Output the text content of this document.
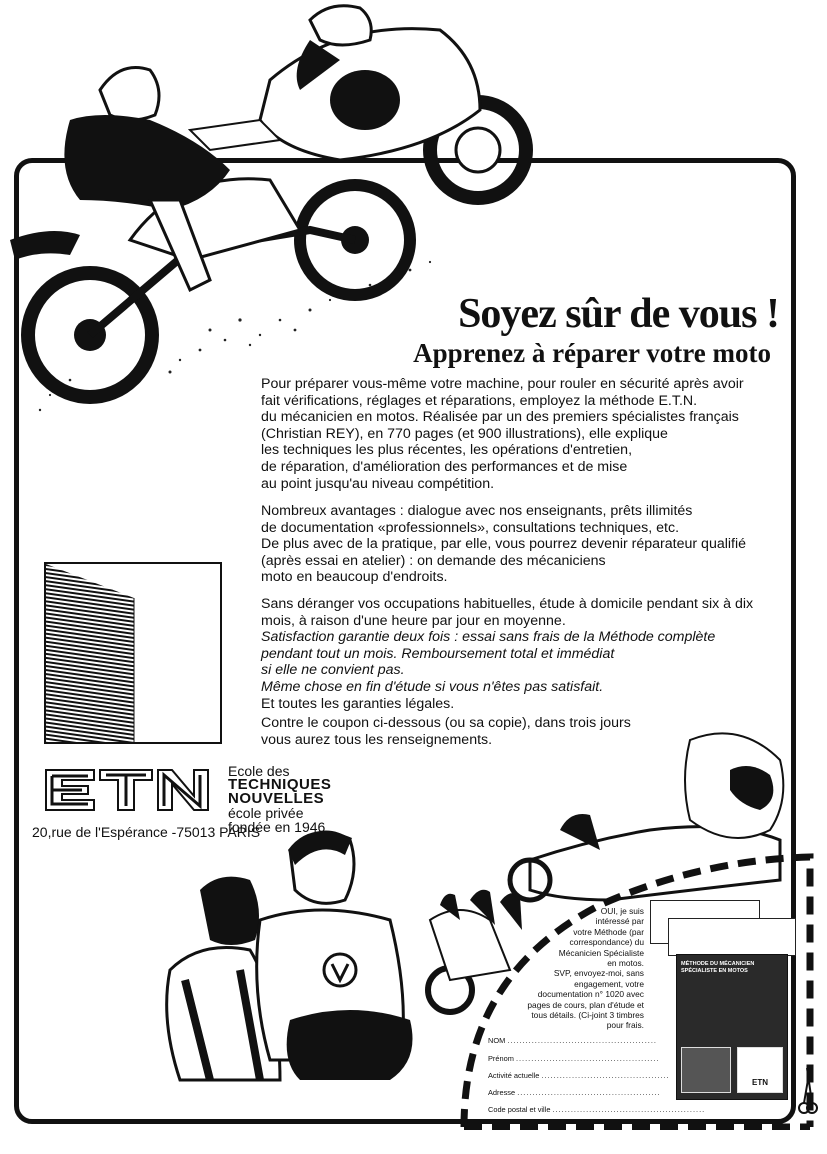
Soyez sûr de vous !
Apprenez à réparer votre moto

Pour préparer vous-même votre machine, pour rouler en sécurité après avoir

fait vérifications, réglages et réparations, employez la méthode E.T.N.

du mécanicien en motos. Réalisée par un des premiers spécialistes français

(Christian REY), en 770 pages (et 900 illustrations), elle explique

les techniques les plus récentes, les opérations d'entretien,

de réparation, d'amélioration des performances et de mise

au point jusqu'au niveau compétition.

Nombreux avantages : dialogue avec nos enseignants, prêts illimités

de documentation «professionnels», consultations techniques, etc.

De plus avec de la pratique, par elle, vous pourrez devenir réparateur qualifié

(après essai en atelier) : on demande des mécaniciens

moto en beaucoup d'endroits.

Sans déranger vos occupations habituelles, étude à domicile pendant six à dix

mois, à raison d'une heure par jour en moyenne.

Satisfaction garantie deux fois : essai sans frais de la Méthode complète

pendant tout un mois. Remboursement total et immédiat

si elle ne convient pas.

Même chose en fin d'étude si vous n'êtes pas satisfait.

Et toutes les garanties légales.

Contre le coupon ci-dessous (ou sa copie), dans trois jours

vous aurez tous les renseignements.

Ecole des
TECHNIQUES
NOUVELLES
école privée
fondée en 1946
20,rue de l'Espérance -75013 PARIS

OUI, je suis

intéressé par

votre Méthode (par

correspondance) du

Mécanicien Spécialiste

en motos.

SVP, envoyez-moi, sans

engagement, votre

documentation n° 1020 avec

pages de cours, plan d'étude et

tous détails. (Ci-joint 3 timbres

pour frais.

MÉTHODE DU MÉCANICIEN SPÉCIALISTE EN MOTOS
ETN
NOM .................................................
Prénom ...............................................
Activité actuelle ..........................................
Adresse ...............................................
Code postal et ville ..................................................
